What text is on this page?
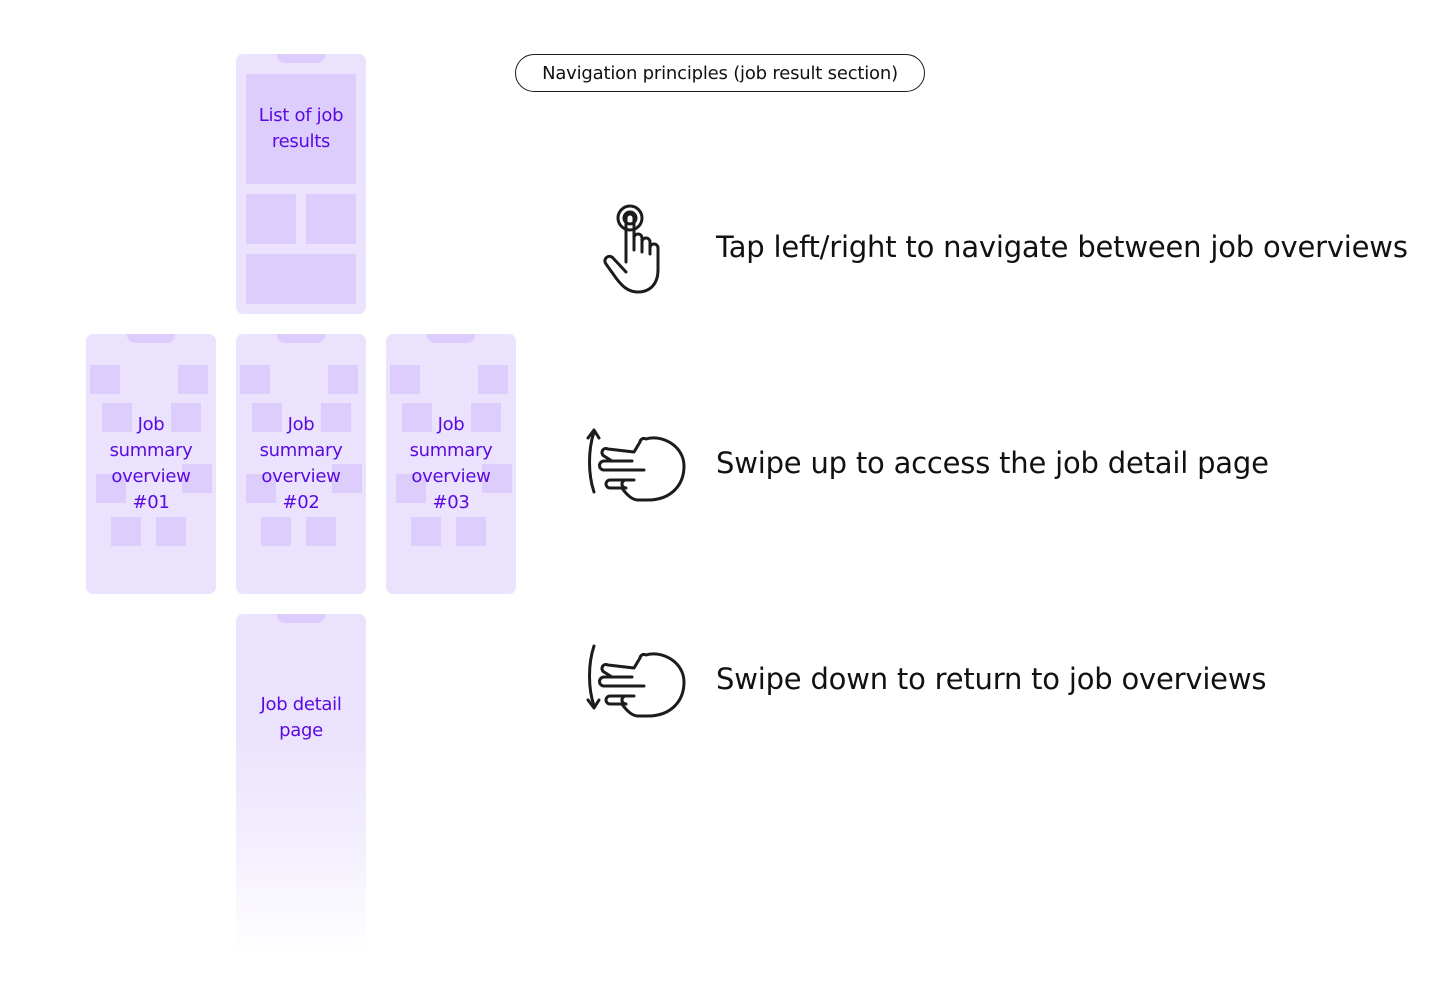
Navigation principles (job result section)
List of job results
Job summary overview #01
Job summary overview #02
Job summary overview #03
Job detail page
Tap left/right to navigate between job overviews
Swipe up to access the job detail page
Swipe down to return to job overviews
